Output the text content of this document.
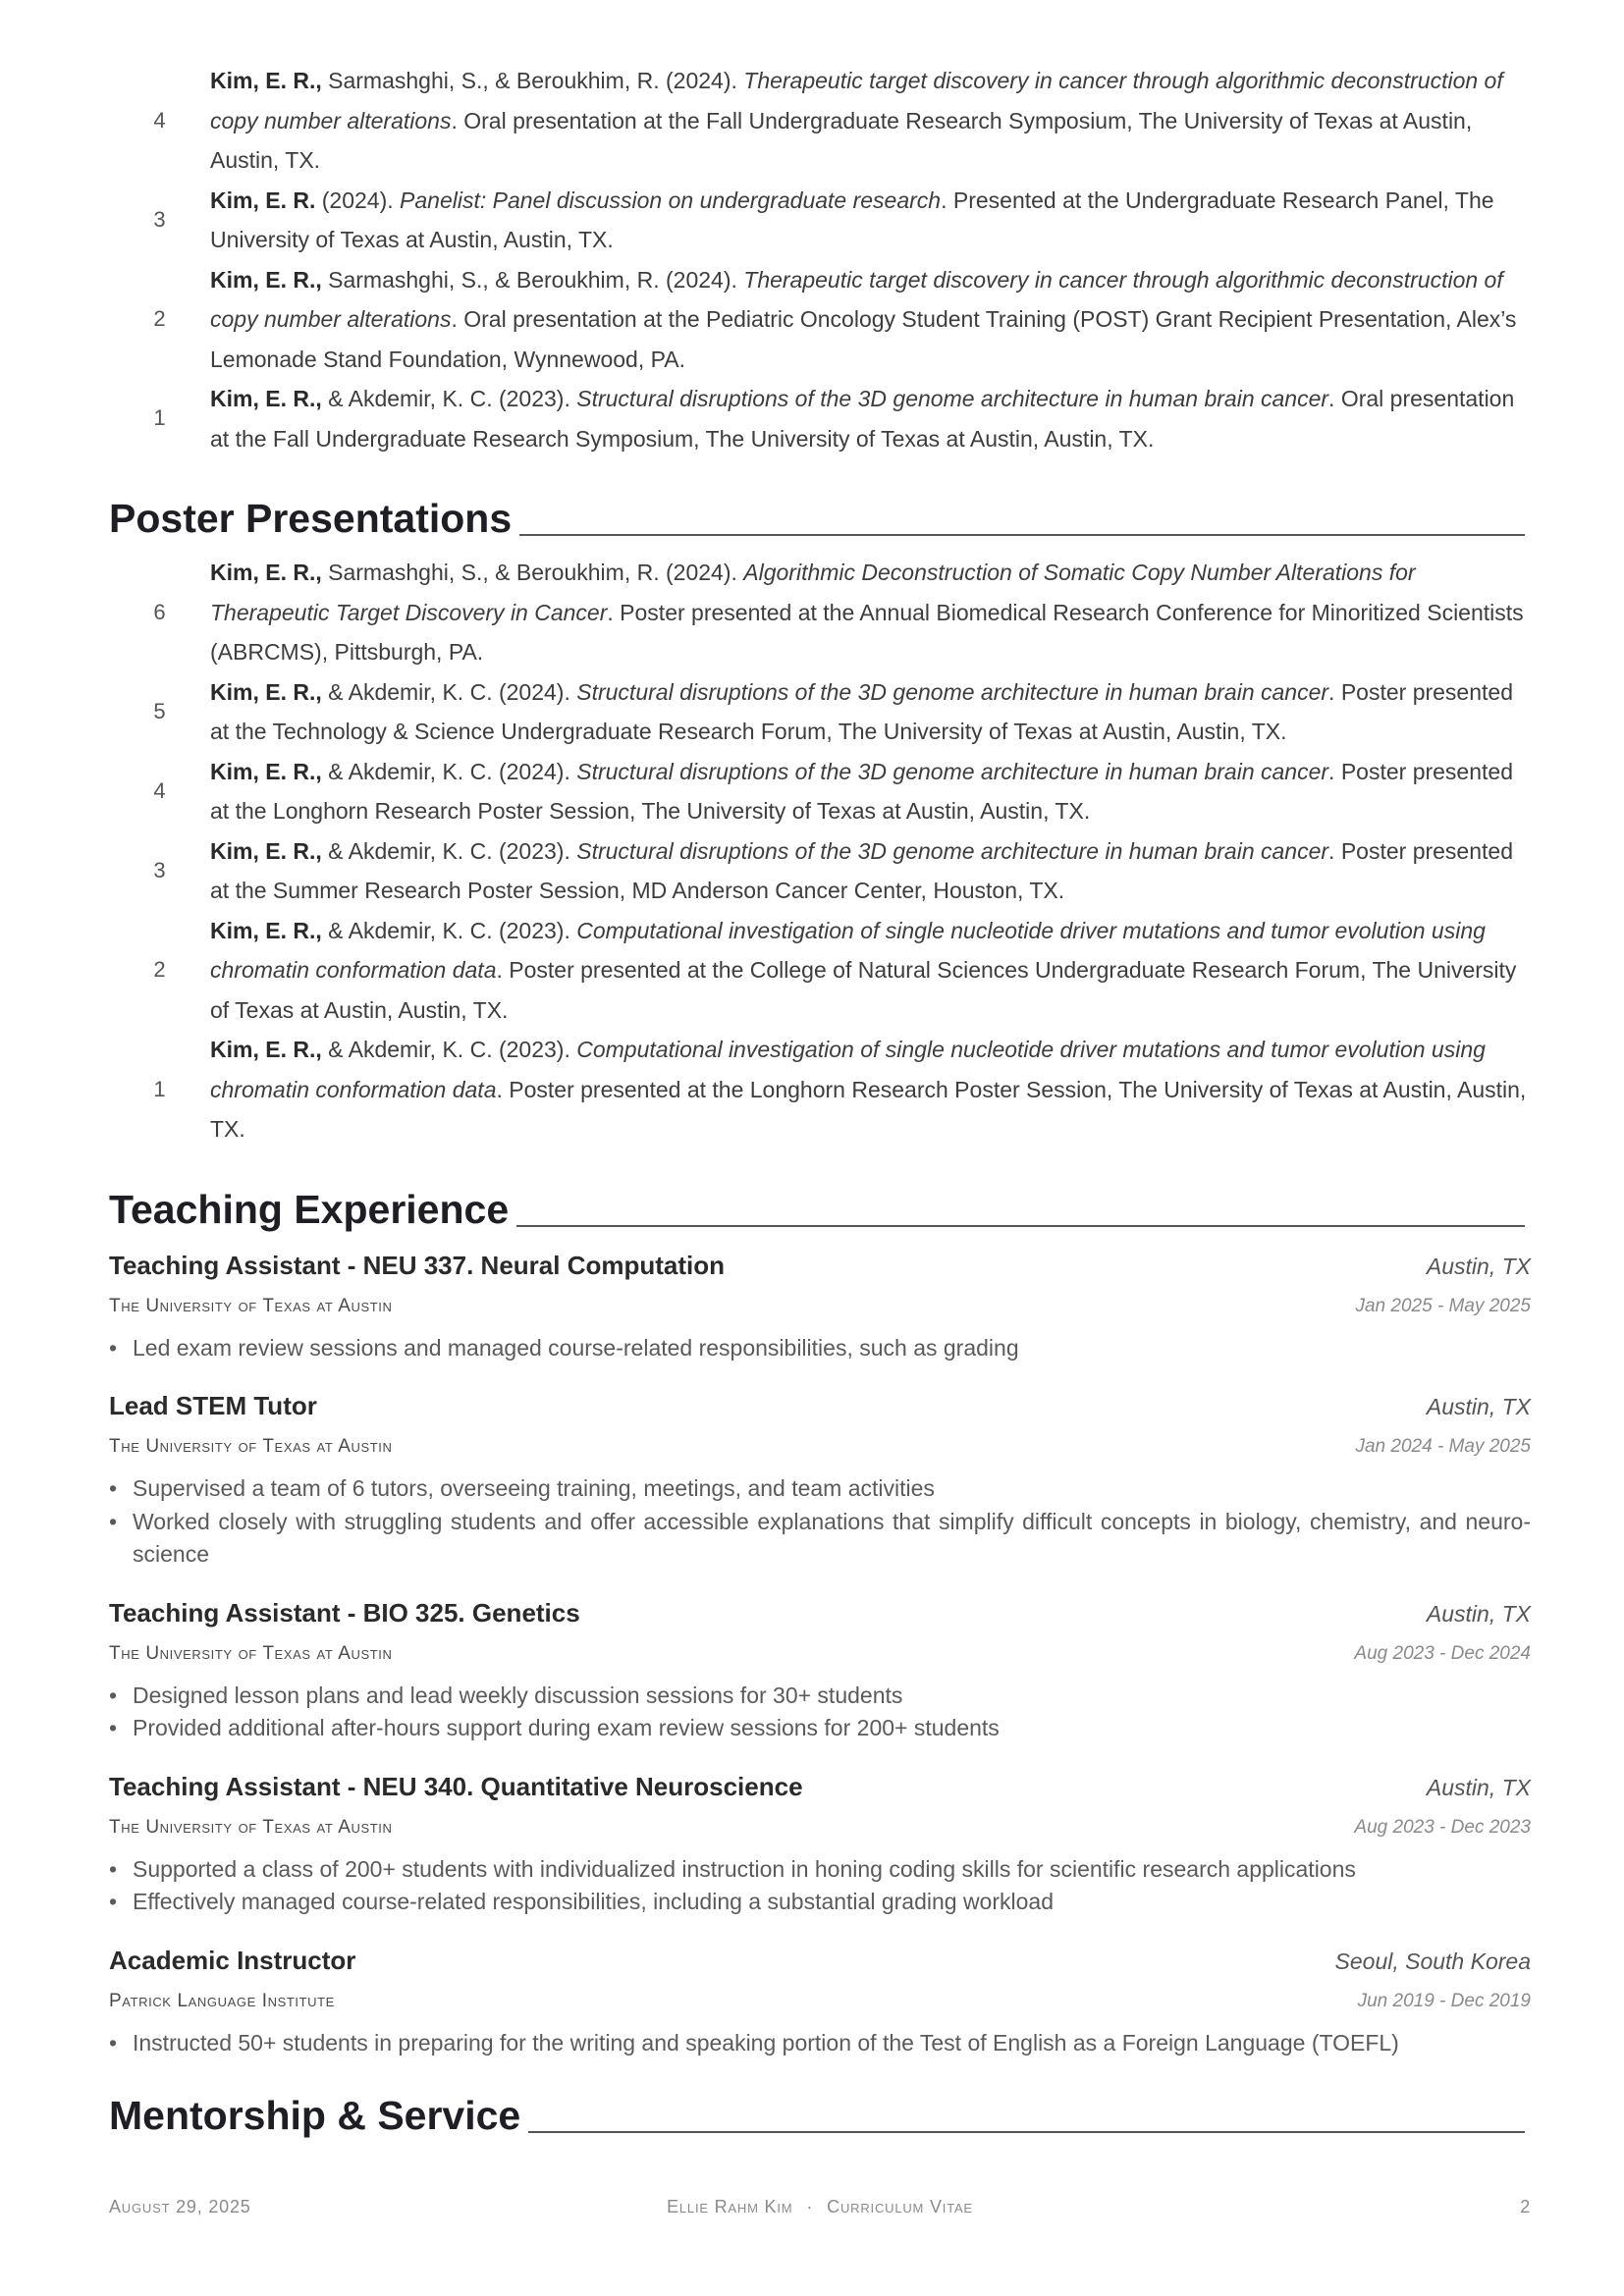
4
Kim, E. R., Sarmashghi, S., & Beroukhim, R. (2024). Therapeutic target discovery in cancer through algorithmic deconstruction of copy number alterations. Oral presentation at the Fall Undergraduate Research Symposium, The University of Texas at Austin, Austin, TX.
3
Kim, E. R. (2024). Panelist: Panel discussion on undergraduate research. Presented at the Undergraduate Research Panel, The University of Texas at Austin, Austin, TX.
2
Kim, E. R., Sarmashghi, S., & Beroukhim, R. (2024). Therapeutic target discovery in cancer through algorithmic deconstruction of copy number alterations. Oral presentation at the Pediatric Oncology Student Training (POST) Grant Recipient Presentation, Alex’s Lemonade Stand Foundation, Wynnewood, PA.
1
Kim, E. R., & Akdemir, K. C. (2023). Structural disruptions of the 3D genome architecture in human brain cancer. Oral presentation at the Fall Undergraduate Research Symposium, The University of Texas at Austin, Austin, TX.
Poster Presentations
6
Kim, E. R., Sarmashghi, S., & Beroukhim, R. (2024). Algorithmic Deconstruction of Somatic Copy Number Alterations for Therapeutic Target Discovery in Cancer. Poster presented at the Annual Biomedical Research Conference for Minoritized Scientists (ABRCMS), Pittsburgh, PA.
5
Kim, E. R., & Akdemir, K. C. (2024). Structural disruptions of the 3D genome architecture in human brain cancer. Poster presented at the Technology & Science Undergraduate Research Forum, The University of Texas at Austin, Austin, TX.
4
Kim, E. R., & Akdemir, K. C. (2024). Structural disruptions of the 3D genome architecture in human brain cancer. Poster presented at the Longhorn Research Poster Session, The University of Texas at Austin, Austin, TX.
3
Kim, E. R., & Akdemir, K. C. (2023). Structural disruptions of the 3D genome architecture in human brain cancer. Poster presented at the Summer Research Poster Session, MD Anderson Cancer Center, Houston, TX.
2
Kim, E. R., & Akdemir, K. C. (2023). Computational investigation of single nucleotide driver mutations and tumor evolution using chromatin conformation data. Poster presented at the College of Natural Sciences Undergraduate Research Forum, The University of Texas at Austin, Austin, TX.
1
Kim, E. R., & Akdemir, K. C. (2023). Computational investigation of single nucleotide driver mutations and tumor evolution using chromatin conformation data. Poster presented at the Longhorn Research Poster Session, The University of Texas at Austin, Austin, TX.
Teaching Experience
Teaching Assistant - NEU 337. Neural Computation	Austin, TX
The University of Texas at Austin	Jan 2025 - May 2025
• Led exam review sessions and managed course-related responsibilities, such as grading
Lead STEM Tutor	Austin, TX
The University of Texas at Austin	Jan 2024 - May 2025
• Supervised a team of 6 tutors, overseeing training, meetings, and team activities
• Worked closely with struggling students and offer accessible explanations that simplify difficult concepts in biology, chemistry, and neuro-science
Teaching Assistant - BIO 325. Genetics	Austin, TX
The University of Texas at Austin	Aug 2023 - Dec 2024
• Designed lesson plans and lead weekly discussion sessions for 30+ students
• Provided additional after-hours support during exam review sessions for 200+ students
Teaching Assistant - NEU 340. Quantitative Neuroscience	Austin, TX
The University of Texas at Austin	Aug 2023 - Dec 2023
• Supported a class of 200+ students with individualized instruction in honing coding skills for scientific research applications
• Effectively managed course-related responsibilities, including a substantial grading workload
Academic Instructor	Seoul, South Korea
Patrick Language Institute	Jun 2019 - Dec 2019
• Instructed 50+ students in preparing for the writing and speaking portion of the Test of English as a Foreign Language (TOEFL)
Mentorship & Service
August 29, 2025	Ellie Rahm Kim · Curriculum Vitae	2
